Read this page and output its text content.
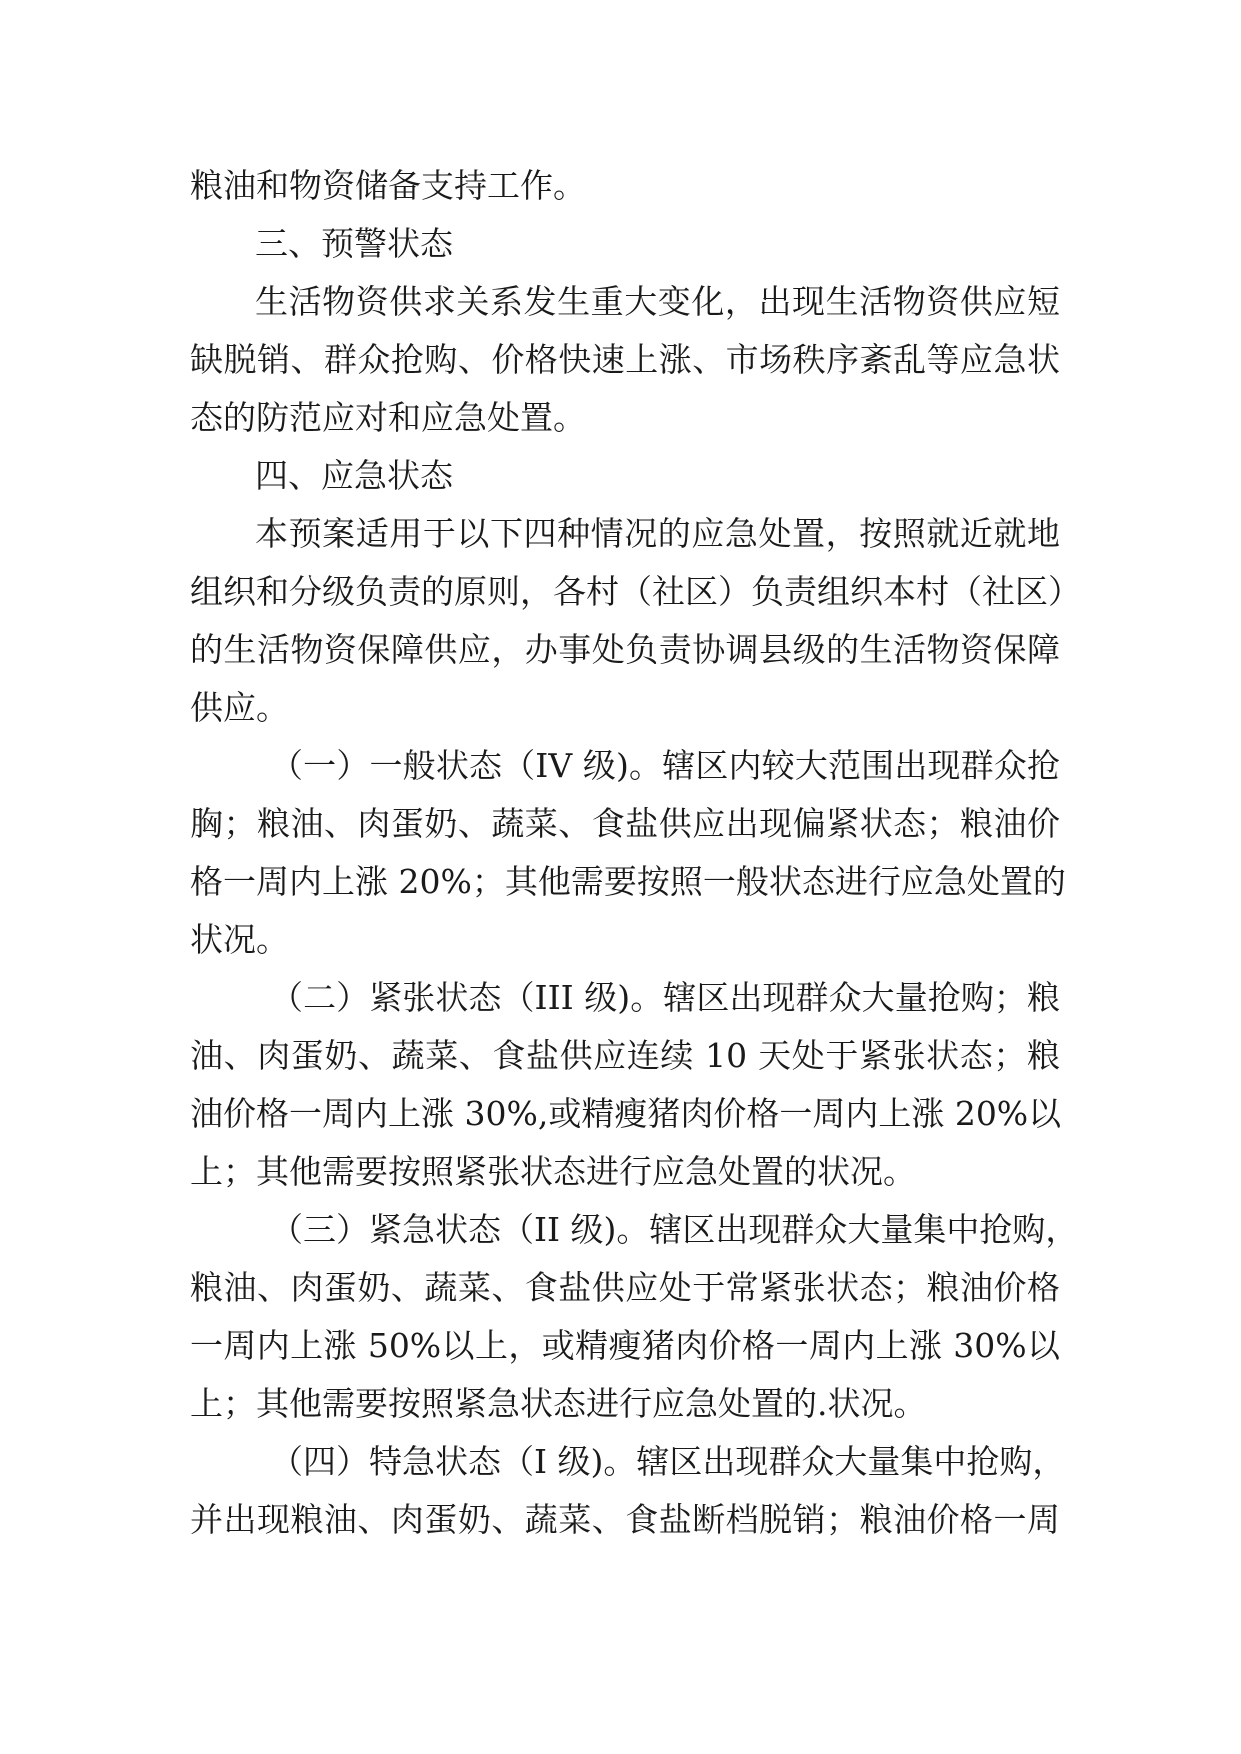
粮油和物资储备支持工作。
三、预警状态
生活物资供求关系发生重大变化，出现生活物资供应短
缺脱销、群众抢购、价格快速上涨、市场秩序紊乱等应急状
态的防范应对和应急处置。
四、应急状态
本预案适用于以下四种情况的应急处置，按照就近就地
组织和分级负责的原则，各村（社区）负责组织本村（社区）
的生活物资保障供应，办事处负责协调县级的生活物资保障
供应。
（一）一般状态（IV 级)。辖区内较大范围出现群众抢
胸；粮油、肉蛋奶、蔬菜、食盐供应出现偏紧状态；粮油价
格一周内上涨 20%；其他需要按照一般状态进行应急处置的
状况。
（二）紧张状态（III 级)。辖区出现群众大量抢购；粮
油、肉蛋奶、蔬菜、食盐供应连续 10 天处于紧张状态；粮
油价格一周内上涨 30%,或精瘦猪肉价格一周内上涨 20%以
上；其他需要按照紧张状态进行应急处置的状况。
（三）紧急状态（II 级)。辖区出现群众大量集中抢购，
粮油、肉蛋奶、蔬菜、食盐供应处于常紧张状态；粮油价格
一周内上涨 50%以上，或精瘦猪肉价格一周内上涨 30%以
上；其他需要按照紧急状态进行应急处置的.状况。
（四）特急状态（I 级)。辖区出现群众大量集中抢购，
并出现粮油、肉蛋奶、蔬菜、食盐断档脱销；粮油价格一周
